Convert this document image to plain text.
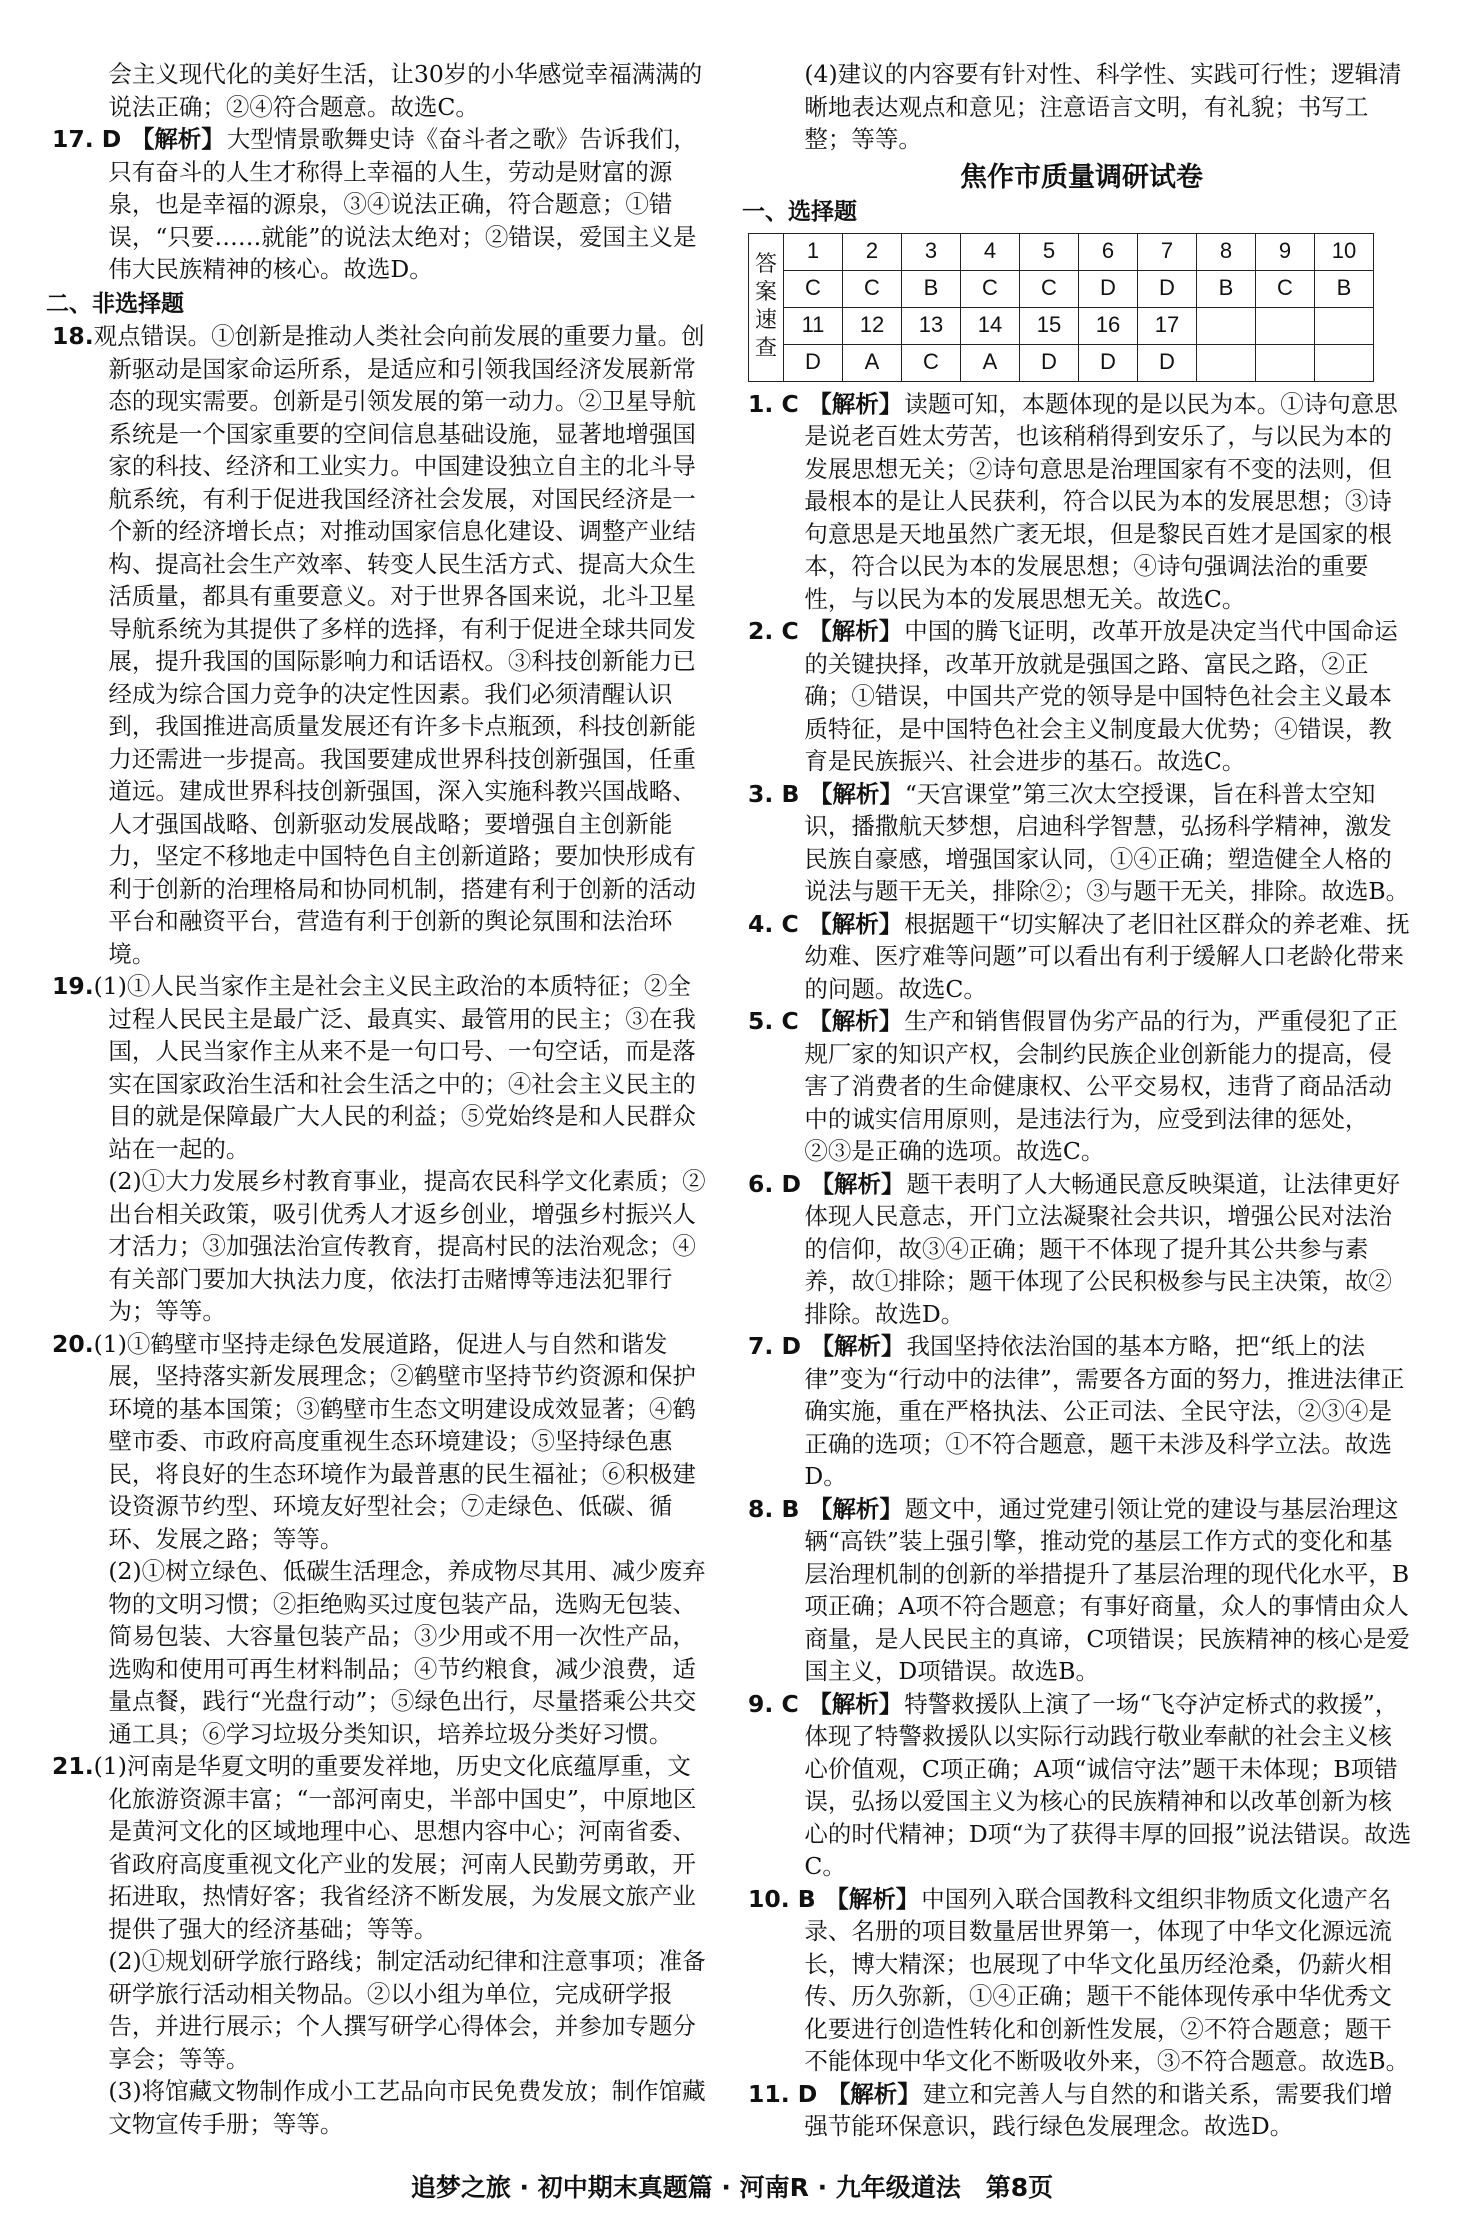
会主义现代化的美好生活，让30岁的小华感觉幸福满满的说法正确；②④符合题意。故选C。

17. D 【解析】大型情景歌舞史诗《奋斗者之歌》告诉我们，只有奋斗的人生才称得上幸福的人生，劳动是财富的源泉，也是幸福的源泉，③④说法正确，符合题意；①错误，“只要……就能”的说法太绝对；②错误，爱国主义是伟大民族精神的核心。故选D。

二、非选择题

18.观点错误。①创新是推动人类社会向前发展的重要力量。创新驱动是国家命运所系，是适应和引领我国经济发展新常态的现实需要。创新是引领发展的第一动力。②卫星导航系统是一个国家重要的空间信息基础设施，显著地增强国家的科技、经济和工业实力。中国建设独立自主的北斗导航系统，有利于促进我国经济社会发展，对国民经济是一个新的经济增长点；对推动国家信息化建设、调整产业结构、提高社会生产效率、转变人民生活方式、提高大众生活质量，都具有重要意义。对于世界各国来说，北斗卫星导航系统为其提供了多样的选择，有利于促进全球共同发展，提升我国的国际影响力和话语权。③科技创新能力已经成为综合国力竞争的决定性因素。我们必须清醒认识到，我国推进高质量发展还有许多卡点瓶颈，科技创新能力还需进一步提高。我国要建成世界科技创新强国，任重道远。建成世界科技创新强国，深入实施科教兴国战略、人才强国战略、创新驱动发展战略；要增强自主创新能力，坚定不移地走中国特色自主创新道路；要加快形成有利于创新的治理格局和协同机制，搭建有利于创新的活动平台和融资平台，营造有利于创新的舆论氛围和法治环境。

19.(1)①人民当家作主是社会主义民主政治的本质特征；②全过程人民民主是最广泛、最真实、最管用的民主；③在我国，人民当家作主从来不是一句口号、一句空话，而是落实在国家政治生活和社会生活之中的；④社会主义民主的目的就是保障最广大人民的利益；⑤党始终是和人民群众站在一起的。

(2)①大力发展乡村教育事业，提高农民科学文化素质；②出台相关政策，吸引优秀人才返乡创业，增强乡村振兴人才活力；③加强法治宣传教育，提高村民的法治观念；④有关部门要加大执法力度，依法打击赌博等违法犯罪行为；等等。

20.(1)①鹤壁市坚持走绿色发展道路，促进人与自然和谐发展，坚持落实新发展理念；②鹤壁市坚持节约资源和保护环境的基本国策；③鹤壁市生态文明建设成效显著；④鹤壁市委、市政府高度重视生态环境建设；⑤坚持绿色惠民，将良好的生态环境作为最普惠的民生福祉；⑥积极建设资源节约型、环境友好型社会；⑦走绿色、低碳、循环、发展之路；等等。

(2)①树立绿色、低碳生活理念，养成物尽其用、减少废弃物的文明习惯；②拒绝购买过度包装产品，选购无包装、简易包装、大容量包装产品；③少用或不用一次性产品，选购和使用可再生材料制品；④节约粮食，减少浪费，适量点餐，践行“光盘行动”；⑤绿色出行，尽量搭乘公共交通工具；⑥学习垃圾分类知识，培养垃圾分类好习惯。

21.(1)河南是华夏文明的重要发祥地，历史文化底蕴厚重，文化旅游资源丰富；“一部河南史，半部中国史”，中原地区是黄河文化的区域地理中心、思想内容中心；河南省委、省政府高度重视文化产业的发展；河南人民勤劳勇敢，开拓进取，热情好客；我省经济不断发展，为发展文旅产业提供了强大的经济基础；等等。

(2)①规划研学旅行路线；制定活动纪律和注意事项；准备研学旅行活动相关物品。②以小组为单位，完成研学报告，并进行展示；个人撰写研学心得体会，并参加专题分享会；等等。

(3)将馆藏文物制作成小工艺品向市民免费发放；制作馆藏文物宣传手册；等等。

(4)建议的内容要有针对性、科学性、实践可行性；逻辑清晰地表达观点和意见；注意语言文明，有礼貌；书写工整；等等。

焦作市质量调研试卷
一、选择题
答
案
速
查	1	2	3	4	5	6	7	8	9	10
	C	C	B	C	C	D	D	B	C	B
	11	12	13	14	15	16	17			
	D	A	C	A	D	D	D			

1. C 【解析】读题可知，本题体现的是以民为本。①诗句意思是说老百姓太劳苦，也该稍稍得到安乐了，与以民为本的发展思想无关；②诗句意思是治理国家有不变的法则，但最根本的是让人民获利，符合以民为本的发展思想；③诗句意思是天地虽然广袤无垠，但是黎民百姓才是国家的根本，符合以民为本的发展思想；④诗句强调法治的重要性，与以民为本的发展思想无关。故选C。

2. C 【解析】中国的腾飞证明，改革开放是决定当代中国命运的关键抉择，改革开放就是强国之路、富民之路，②正确；①错误，中国共产党的领导是中国特色社会主义最本质特征，是中国特色社会主义制度最大优势；④错误，教育是民族振兴、社会进步的基石。故选C。

3. B 【解析】“天宫课堂”第三次太空授课，旨在科普太空知识，播撒航天梦想，启迪科学智慧，弘扬科学精神，激发民族自豪感，增强国家认同，①④正确；塑造健全人格的说法与题干无关，排除②；③与题干无关，排除。故选B。

4. C 【解析】根据题干“切实解决了老旧社区群众的养老难、抚幼难、医疗难等问题”可以看出有利于缓解人口老龄化带来的问题。故选C。

5. C 【解析】生产和销售假冒伪劣产品的行为，严重侵犯了正规厂家的知识产权，会制约民族企业创新能力的提高，侵害了消费者的生命健康权、公平交易权，违背了商品活动中的诚实信用原则，是违法行为，应受到法律的惩处，②③是正确的选项。故选C。

6. D 【解析】题干表明了人大畅通民意反映渠道，让法律更好体现人民意志，开门立法凝聚社会共识，增强公民对法治的信仰，故③④正确；题干不体现了提升其公共参与素养，故①排除；题干体现了公民积极参与民主决策，故②排除。故选D。

7. D 【解析】我国坚持依法治国的基本方略，把“纸上的法律”变为“行动中的法律”，需要各方面的努力，推进法律正确实施，重在严格执法、公正司法、全民守法，②③④是正确的选项；①不符合题意，题干未涉及科学立法。故选D。

8. B 【解析】题文中，通过党建引领让党的建设与基层治理这辆“高铁”装上强引擎，推动党的基层工作方式的变化和基层治理机制的创新的举措提升了基层治理的现代化水平，B项正确；A项不符合题意；有事好商量，众人的事情由众人商量，是人民民主的真谛，C项错误；民族精神的核心是爱国主义，D项错误。故选B。

9. C 【解析】特警救援队上演了一场“飞夺泸定桥式的救援”，体现了特警救援队以实际行动践行敬业奉献的社会主义核心价值观，C项正确；A项“诚信守法”题干未体现；B项错误，弘扬以爱国主义为核心的民族精神和以改革创新为核心的时代精神；D项“为了获得丰厚的回报”说法错误。故选C。

10. B 【解析】中国列入联合国教科文组织非物质文化遗产名录、名册的项目数量居世界第一，体现了中华文化源远流长，博大精深；也展现了中华文化虽历经沧桑，仍薪火相传、历久弥新，①④正确；题干不能体现传承中华优秀文化要进行创造性转化和创新性发展，②不符合题意；题干不能体现中华文化不断吸收外来，③不符合题意。故选B。

11. D 【解析】建立和完善人与自然的和谐关系，需要我们增强节能环保意识，践行绿色发展理念。故选D。

追梦之旅 · 初中期末真题篇 · 河南R · 九年级道法　第8页
